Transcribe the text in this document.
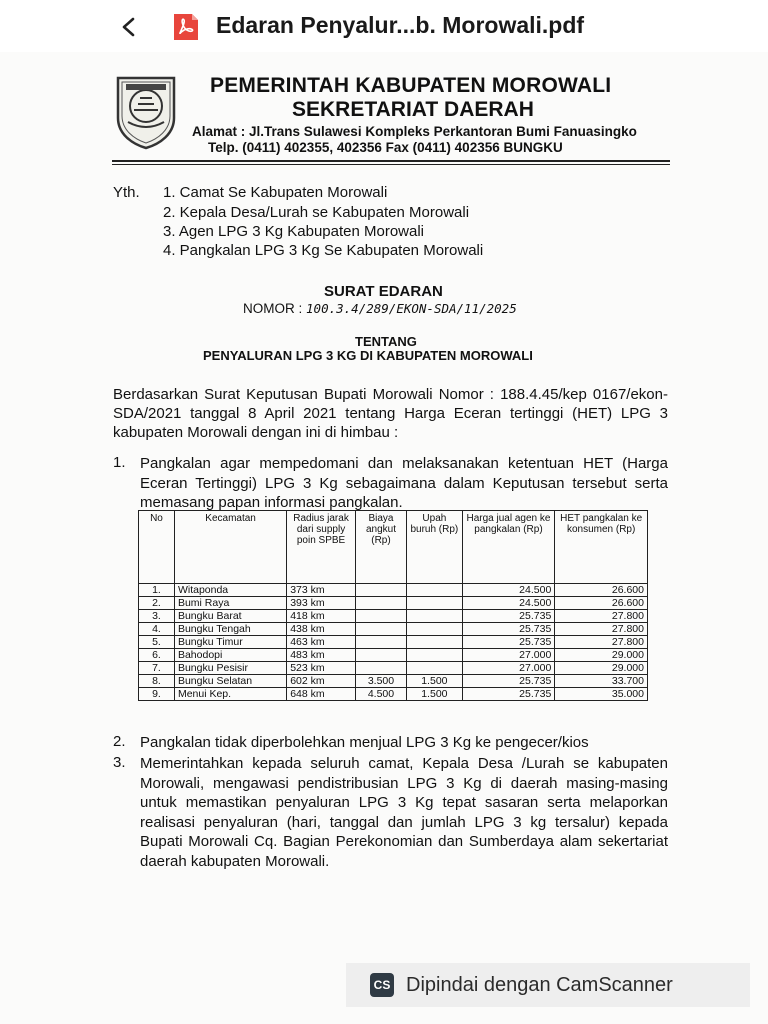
Edaran Penyalur...b. Morowali.pdf
PEMERINTAH KABUPATEN MOROWALI
SEKRETARIAT DAERAH
Alamat : Jl.Trans Sulawesi Kompleks Perkantoran Bumi Fanuasingko
Telp. (0411) 402355, 402356 Fax (0411) 402356 BUNGKU
Yth. 1. Camat Se Kabupaten Morowali
2. Kepala Desa/Lurah se Kabupaten Morowali
3. Agen LPG 3 Kg Kabupaten Morowali
4. Pangkalan LPG 3 Kg Se Kabupaten Morowali
SURAT EDARAN
NOMOR : 100.3.4/289/EKON-SDA/11/2025
TENTANG
PENYALURAN LPG 3 KG DI KABUPATEN MOROWALI
Berdasarkan Surat Keputusan Bupati Morowali Nomor : 188.4.45/kep 0167/ekon-SDA/2021 tanggal 8 April 2021 tentang Harga Eceran tertinggi (HET) LPG 3 kabupaten Morowali dengan ini di himbau :
1. Pangkalan agar mempedomani dan melaksanakan ketentuan HET (Harga Eceran Tertinggi) LPG 3 Kg sebagaimana dalam Keputusan tersebut serta memasang papan informasi pangkalan.
No	Kecamatan	Radius jarak dari supply poin SPBE	Biaya angkut (Rp)	Upah buruh (Rp)	Harga jual agen ke pangkalan (Rp)	HET pangkalan ke konsumen (Rp)
1.	Witaponda	373 km			24.500	26.600
2.	Bumi Raya	393 km			24.500	26.600
3.	Bungku Barat	418 km			25.735	27.800
4.	Bungku Tengah	438 km			25.735	27.800
5.	Bungku Timur	463 km			25.735	27.800
6.	Bahodopi	483 km			27.000	29.000
7.	Bungku Pesisir	523 km			27.000	29.000
8.	Bungku Selatan	602 km	3.500	1.500	25.735	33.700
9.	Menui Kep.	648 km	4.500	1.500	25.735	35.000
2. Pangkalan tidak diperbolehkan menjual LPG 3 Kg ke pengecer/kios
3. Memerintahkan kepada seluruh camat, Kepala Desa /Lurah se kabupaten Morowali, mengawasi pendistribusian LPG 3 Kg di daerah masing-masing untuk memastikan penyaluran LPG 3 Kg tepat sasaran serta melaporkan realisasi penyaluran (hari, tanggal dan jumlah LPG 3 kg tersalur) kepada Bupati Morowali Cq. Bagian Perekonomian dan Sumberdaya alam sekertariat daerah kabupaten Morowali.
CS Dipindai dengan CamScanner
